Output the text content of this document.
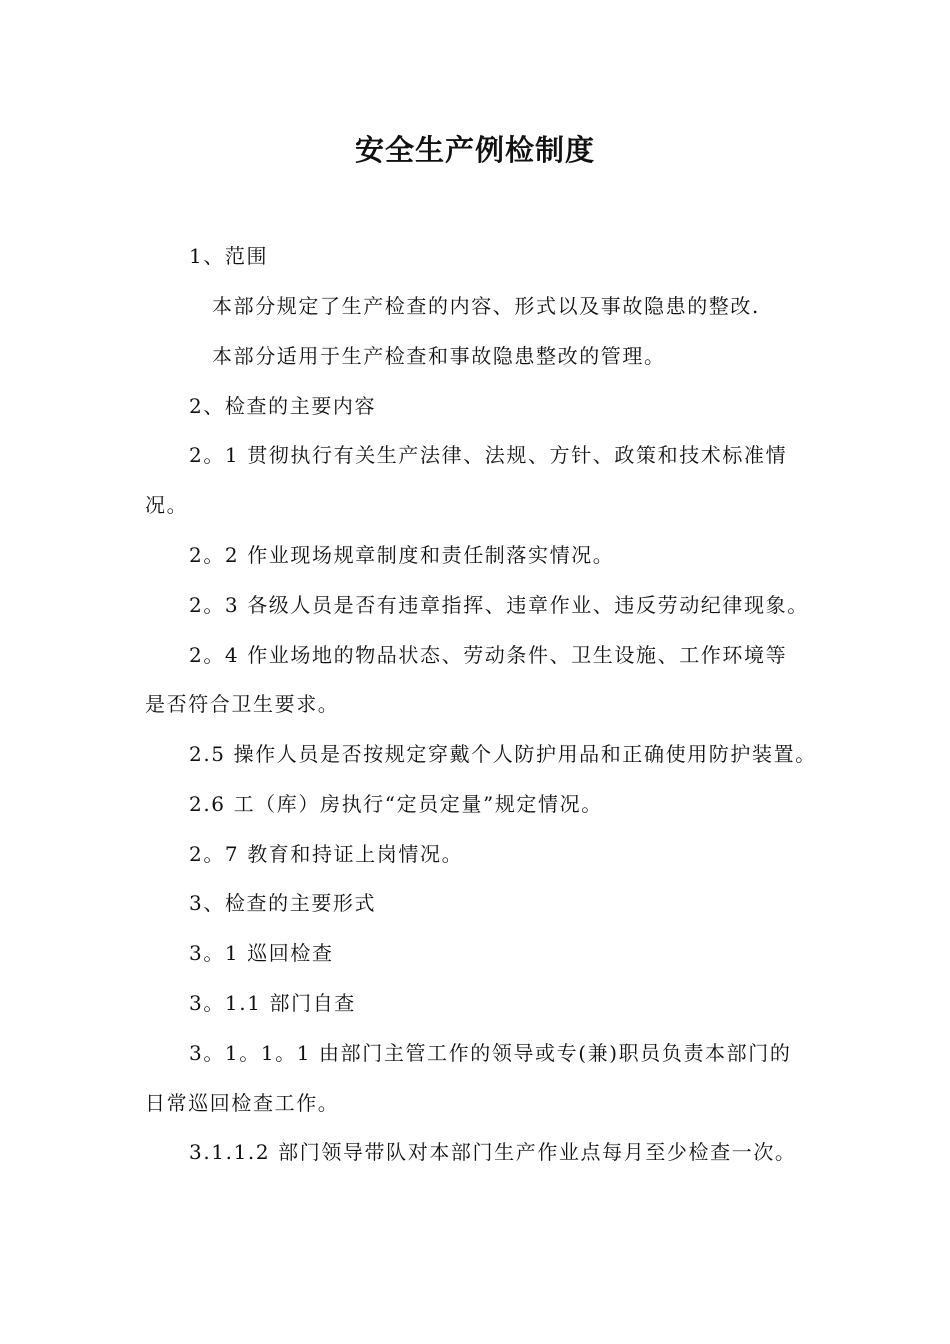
安全生产例检制度
1、范围
本部分规定了生产检查的内容、形式以及事故隐患的整改.
本部分适用于生产检查和事故隐患整改的管理。
2、检查的主要内容
2。1 贯彻执行有关生产法律、法规、方针、政策和技术标准情
况。
2。2 作业现场规章制度和责任制落实情况。
2。3 各级人员是否有违章指挥、违章作业、违反劳动纪律现象。
2。4 作业场地的物品状态、劳动条件、卫生设施、工作环境等
是否符合卫生要求。
2.5 操作人员是否按规定穿戴个人防护用品和正确使用防护装置。
2.6 工（库）房执行“定员定量”规定情况。
2。7 教育和持证上岗情况。
3、检查的主要形式
3。1 巡回检查
3。1.1 部门自查
3。1。1。1 由部门主管工作的领导或专(兼)职员负责本部门的
日常巡回检查工作。
3.1.1.2 部门领导带队对本部门生产作业点每月至少检查一次。
